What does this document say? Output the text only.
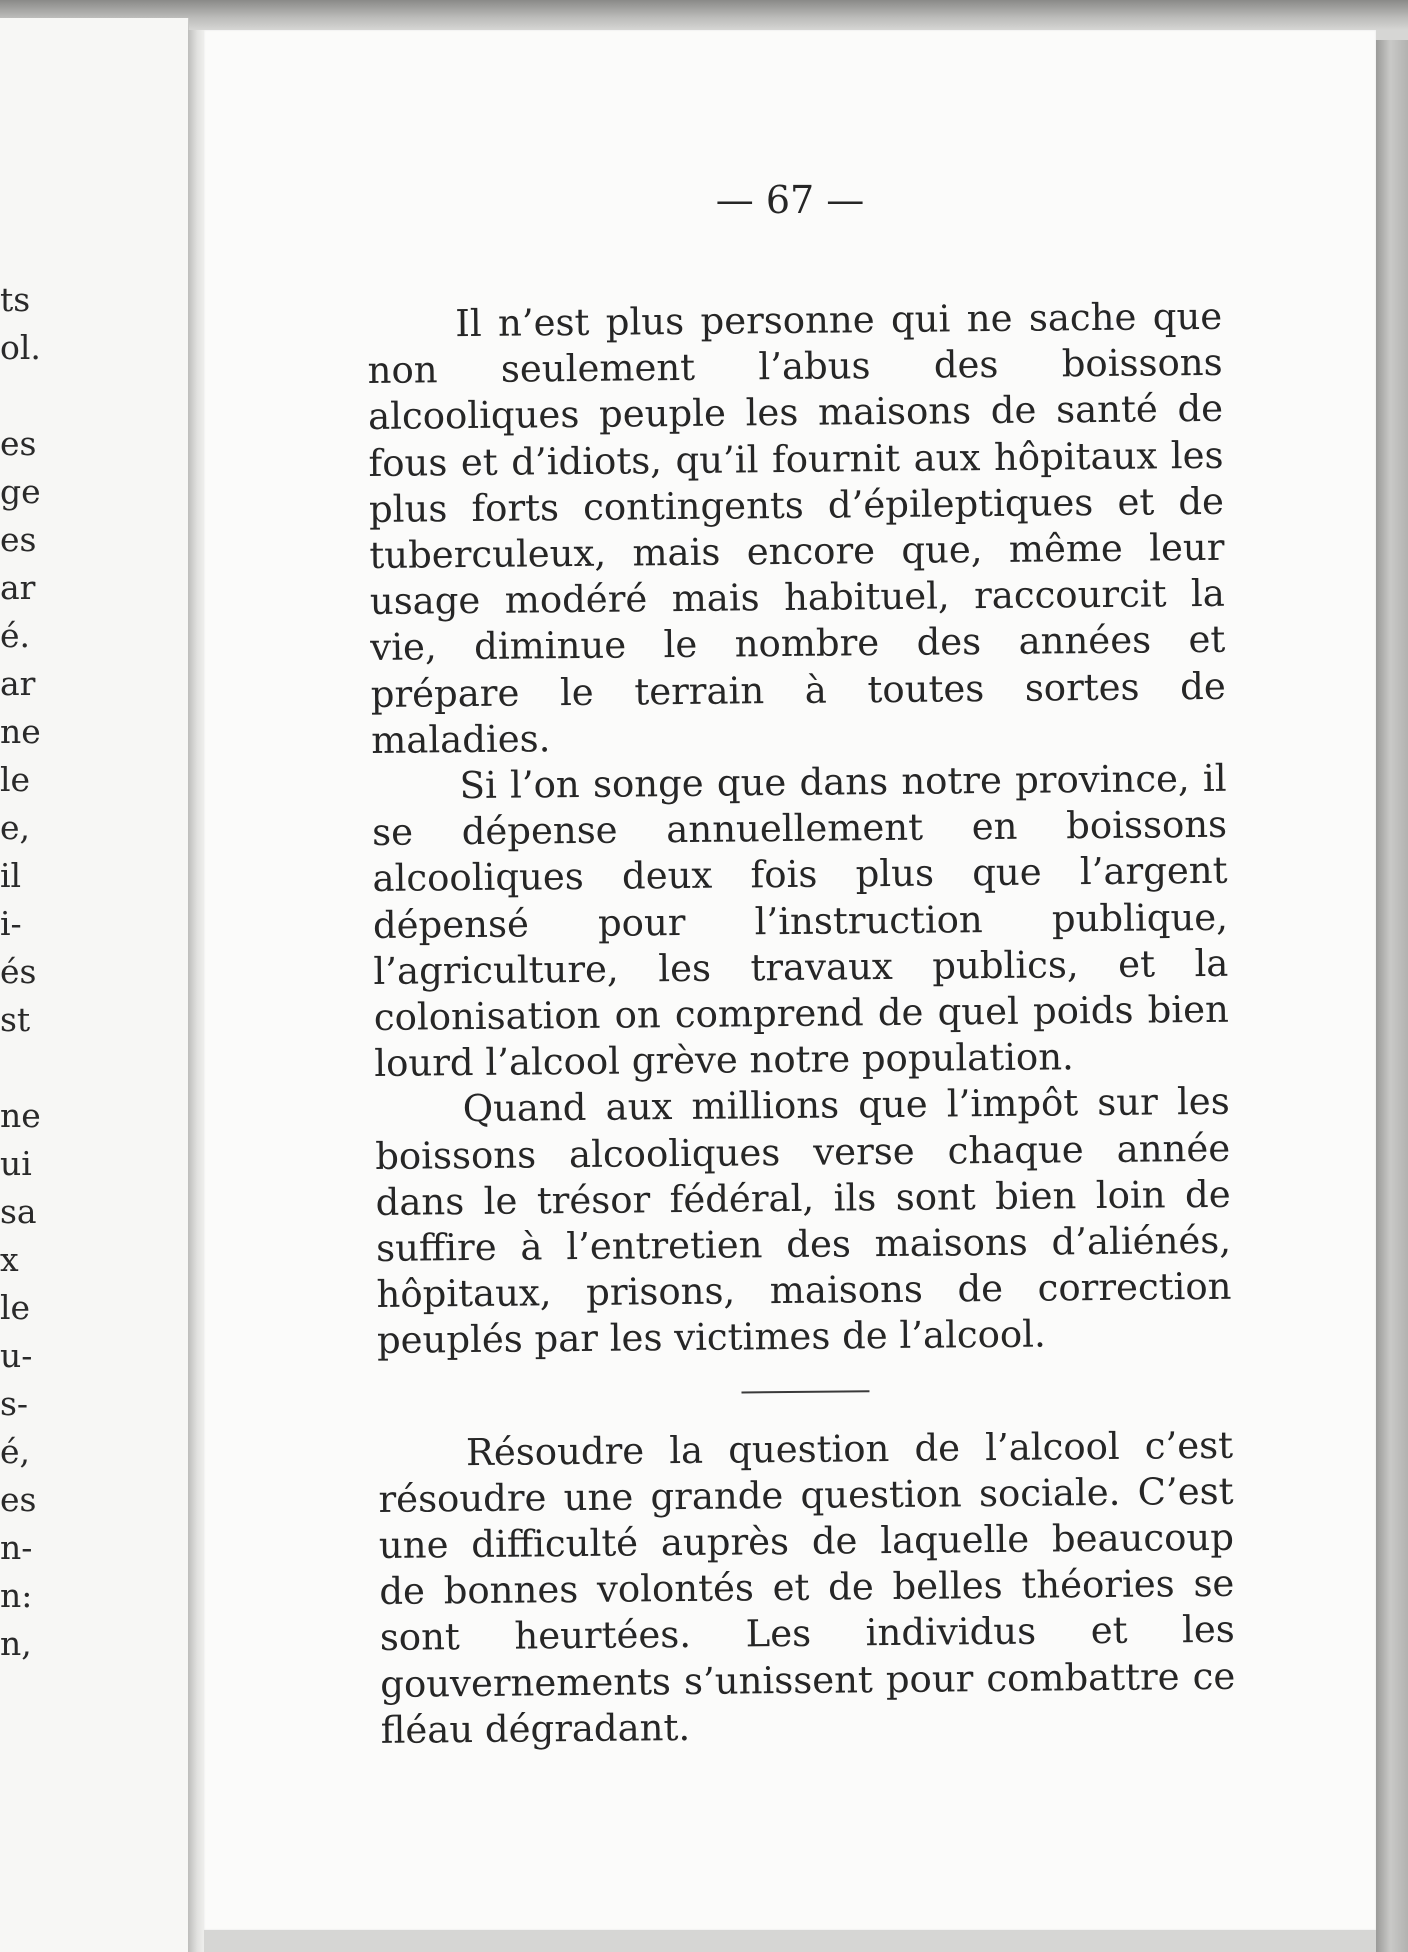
ts
ol.
es
ge
es
ar
é.
ar
ne
le
e,
il
i-
és
st
ne
ui
sa
x
le
u-
s-
é,
es
n-
n:
n,

— 67 —

Il n’est plus personne qui ne sache que non seulement l’abus des boissons alcooliques peuple les maisons de santé de fous et d’idiots, qu’il fournit aux hôpitaux les plus forts contingents d’épileptiques et de tuberculeux, mais encore que, même leur usage modéré mais habituel, raccourcit la vie, diminue le nombre des années et prépare le terrain à toutes sortes de maladies.

Si l’on songe que dans notre province, il se dépense annuellement en boissons alcooliques deux fois plus que l’argent dépensé pour l’instruction publique, l’agriculture, les travaux publics, et la colonisation on comprend de quel poids bien lourd l’alcool grève notre population.

Quand aux millions que l’impôt sur les boissons alcooliques verse chaque année dans le trésor fédéral, ils sont bien loin de suffire à l’entretien des maisons d’aliénés, hôpitaux, prisons, maisons de correction peuplés par les victimes de l’alcool.

Résoudre la question de l’alcool c’est résoudre une grande question sociale. C’est une difficulté auprès de laquelle beaucoup de bonnes volontés et de belles théories se sont heurtées. Les individus et les gouvernements s’unissent pour combattre ce fléau dégradant.
